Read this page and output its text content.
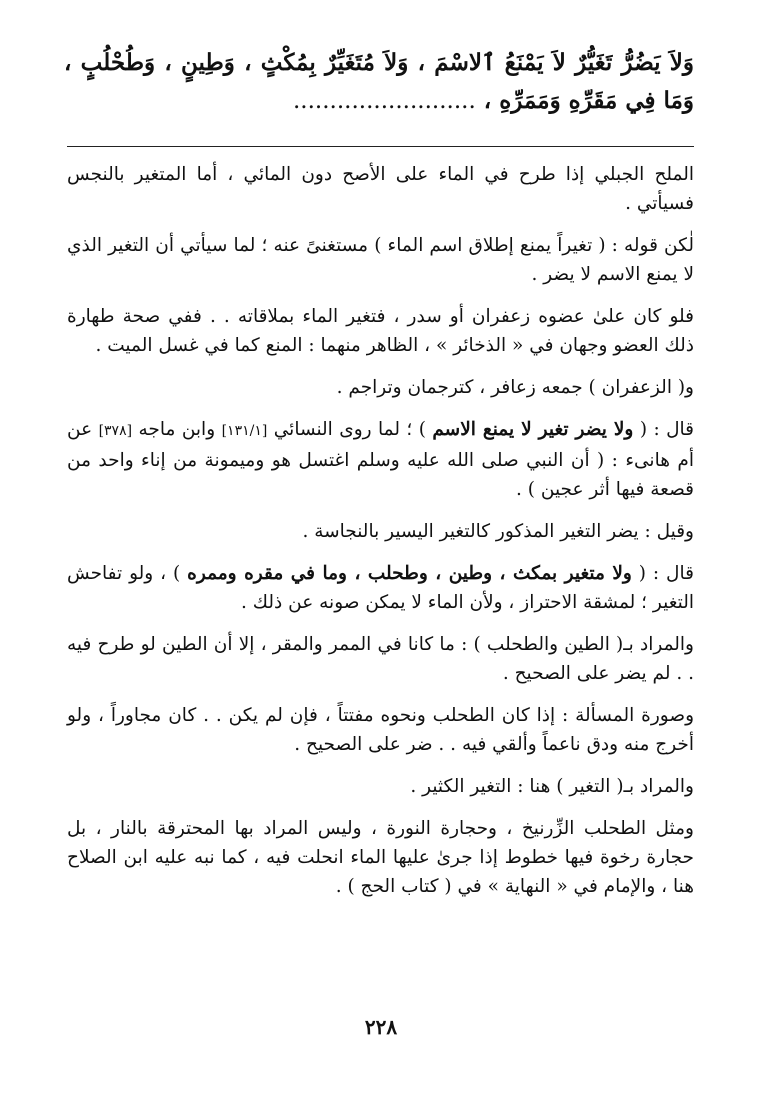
وَلاَ يَضُرُّ تَغَيُّرٌ لاَ يَمْنَعُ ٱلاسْمَ ، وَلاَ مُتَغَيِّرٌ بِمُكْثٍ ، وَطِينٍ ، وَطُحْلُبٍ ، وَمَا فِي مَقَرِّهِ وَمَمَرِّهِ ، .........................

الملح الجبلي إذا طرح في الماء على الأصح دون المائي ، أما المتغير بالنجس فسيأتي .

لٰكن قوله : ( تغيراً يمنع إطلاق اسم الماء ) مستغنىً عنه ؛ لما سيأتي أن التغير الذي لا يمنع الاسم لا يضر .

فلو كان علىٰ عضوه زعفران أو سدر ، فتغير الماء بملاقاته . . ففي صحة طهارة ذلك العضو وجهان في « الذخائر » ، الظاهر منهما : المنع كما في غسل الميت .

و( الزعفران ) جمعه زعافر ، كترجمان وتراجم .

قال : ( ولا يضر تغير لا يمنع الاسم ) ؛ لما روى النسائي [١٣١/١] وابن ماجه [٣٧٨] عن أم هانىء : ( أن النبي صلى الله عليه وسلم اغتسل هو وميمونة من إناء واحد من قصعة فيها أثر عجين ) .

وقيل : يضر التغير المذكور كالتغير اليسير بالنجاسة .

قال : ( ولا متغير بمكث ، وطين ، وطحلب ، وما في مقره وممره ) ، ولو تفاحش التغير ؛ لمشقة الاحتراز ، ولأن الماء لا يمكن صونه عن ذلك .

والمراد بـ( الطين والطحلب ) : ما كانا في الممر والمقر ، إلا أن الطين لو طرح فيه . . لم يضر على الصحيح .

وصورة المسألة : إذا كان الطحلب ونحوه مفتتاً ، فإن لم يكن . . كان مجاوراً ، ولو أخرج منه ودق ناعماً وألقي فيه . . ضر على الصحيح .

والمراد بـ( التغير ) هنا : التغير الكثير .

ومثل الطحلب الزِّرنيخ ، وحجارة النورة ، وليس المراد بها المحترقة بالنار ، بل حجارة رخوة فيها خطوط إذا جرىٰ عليها الماء انحلت فيه ، كما نبه عليه ابن الصلاح هنا ، والإمام في « النهاية » في ( كتاب الحج ) .

٢٢٨
